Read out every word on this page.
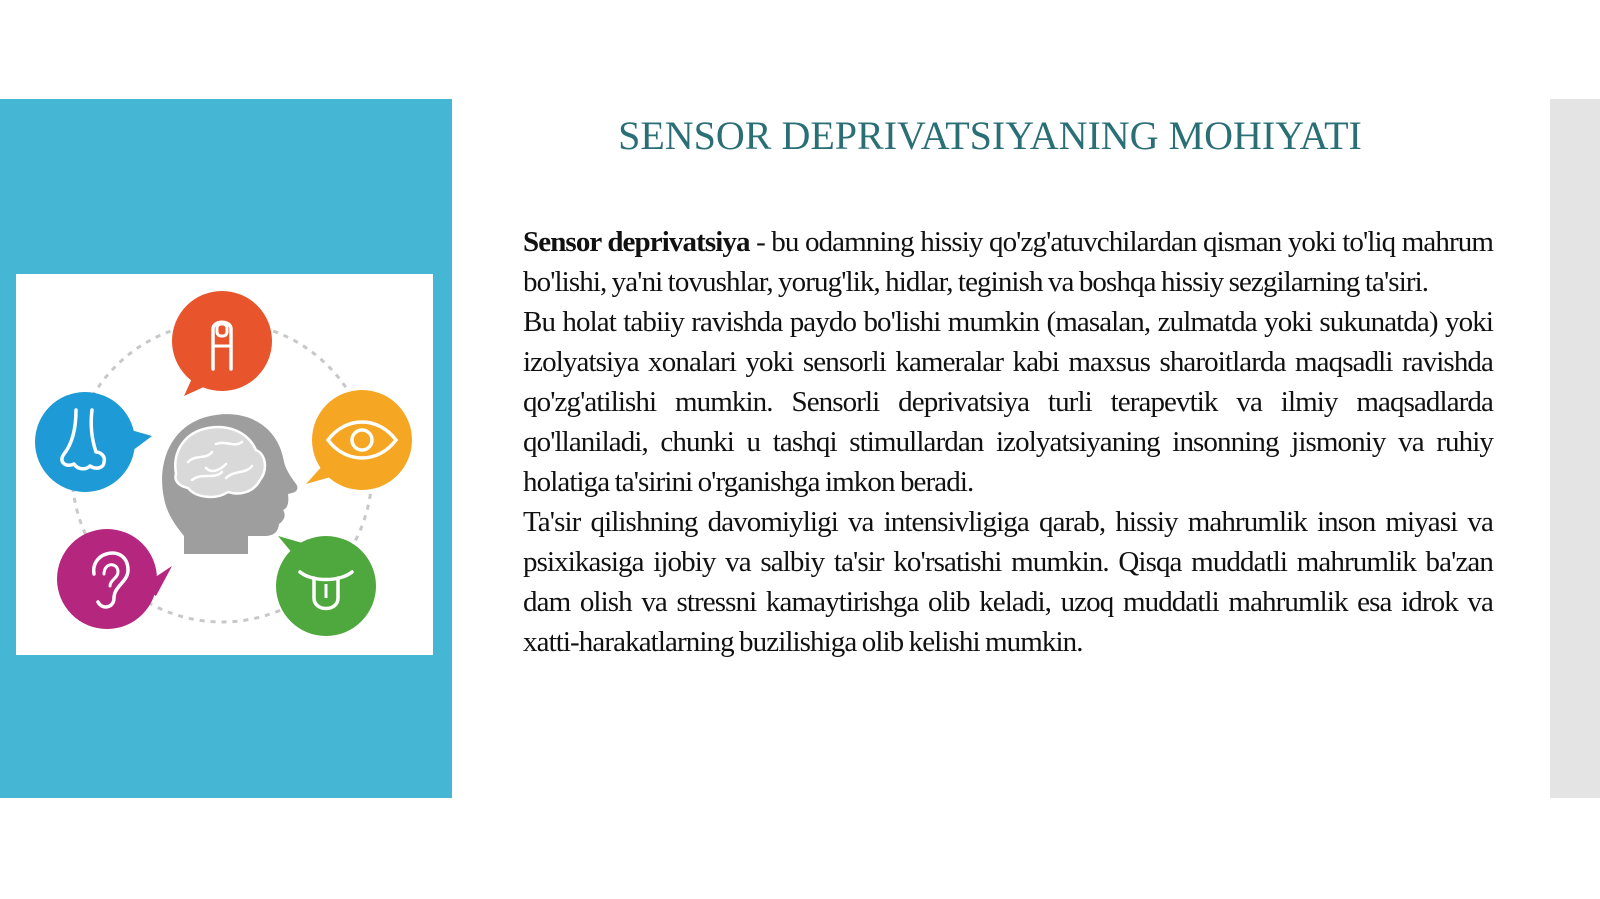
SENSOR DEPRIVATSIYANING MOHIYATI

Sensor deprivatsiya - bu odamning hissiy qo'zg'atuvchilardan qisman yoki to'liq mahrum bo'lishi, ya'ni tovushlar, yorug'lik, hidlar, teginish va boshqa hissiy sezgilarning ta'siri.

Bu holat tabiiy ravishda paydo bo'lishi mumkin (masalan, zulmatda yoki sukunatda) yoki izolyatsiya xonalari yoki sensorli kameralar kabi maxsus sharoitlarda maqsadli ravishda qo'zg'atilishi mumkin. Sensorli deprivatsiya turli terapevtik va ilmiy maqsadlarda qo'llaniladi, chunki u tashqi stimullardan izolyatsiyaning insonning jismoniy va ruhiy holatiga ta'sirini o'rganishga imkon beradi.

Ta'sir qilishning davomiyligi va intensivligiga qarab, hissiy mahrumlik inson miyasi va psixikasiga ijobiy va salbiy ta'sir ko'rsatishi mumkin. Qisqa muddatli mahrumlik ba'zan dam olish va stressni kamaytirishga olib keladi, uzoq muddatli mahrumlik esa idrok va xatti-harakatlarning buzilishiga olib kelishi mumkin.
